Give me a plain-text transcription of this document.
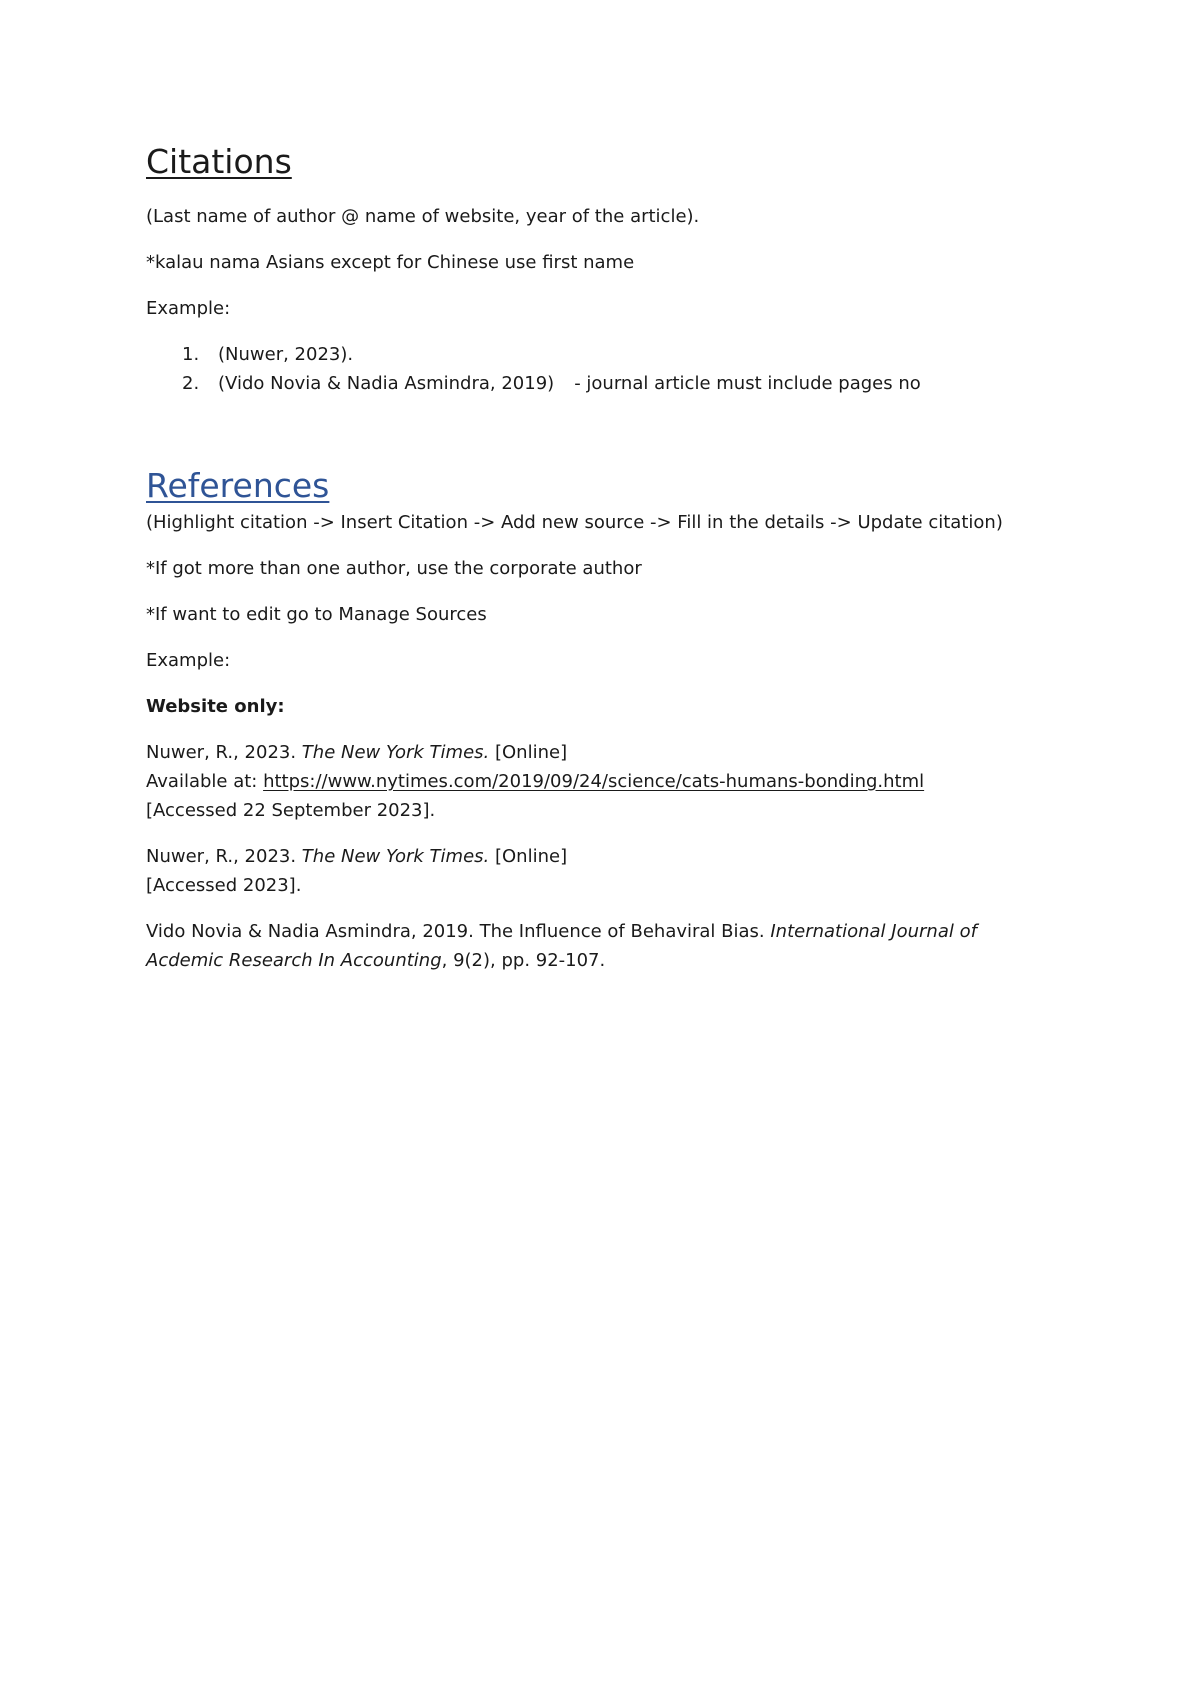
Citations
(Last name of author @ name of website, year of the article).
*kalau nama Asians except for Chinese use first name
Example:
1. (Nuwer, 2023).
2. (Vido Novia & Nadia Asmindra, 2019) - journal article must include pages no
References
(Highlight citation -> Insert Citation -> Add new source -> Fill in the details -> Update citation)
*If got more than one author, use the corporate author
*If want to edit go to Manage Sources
Example:
Website only:
Nuwer, R., 2023. The New York Times. [Online]
Available at: https://www.nytimes.com/2019/09/24/science/cats-humans-bonding.html
[Accessed 22 September 2023].
Nuwer, R., 2023. The New York Times. [Online]
[Accessed 2023].
Vido Novia & Nadia Asmindra, 2019. The Influence of Behaviral Bias. International Journal of
Acdemic Research In Accounting, 9(2), pp. 92-107.
